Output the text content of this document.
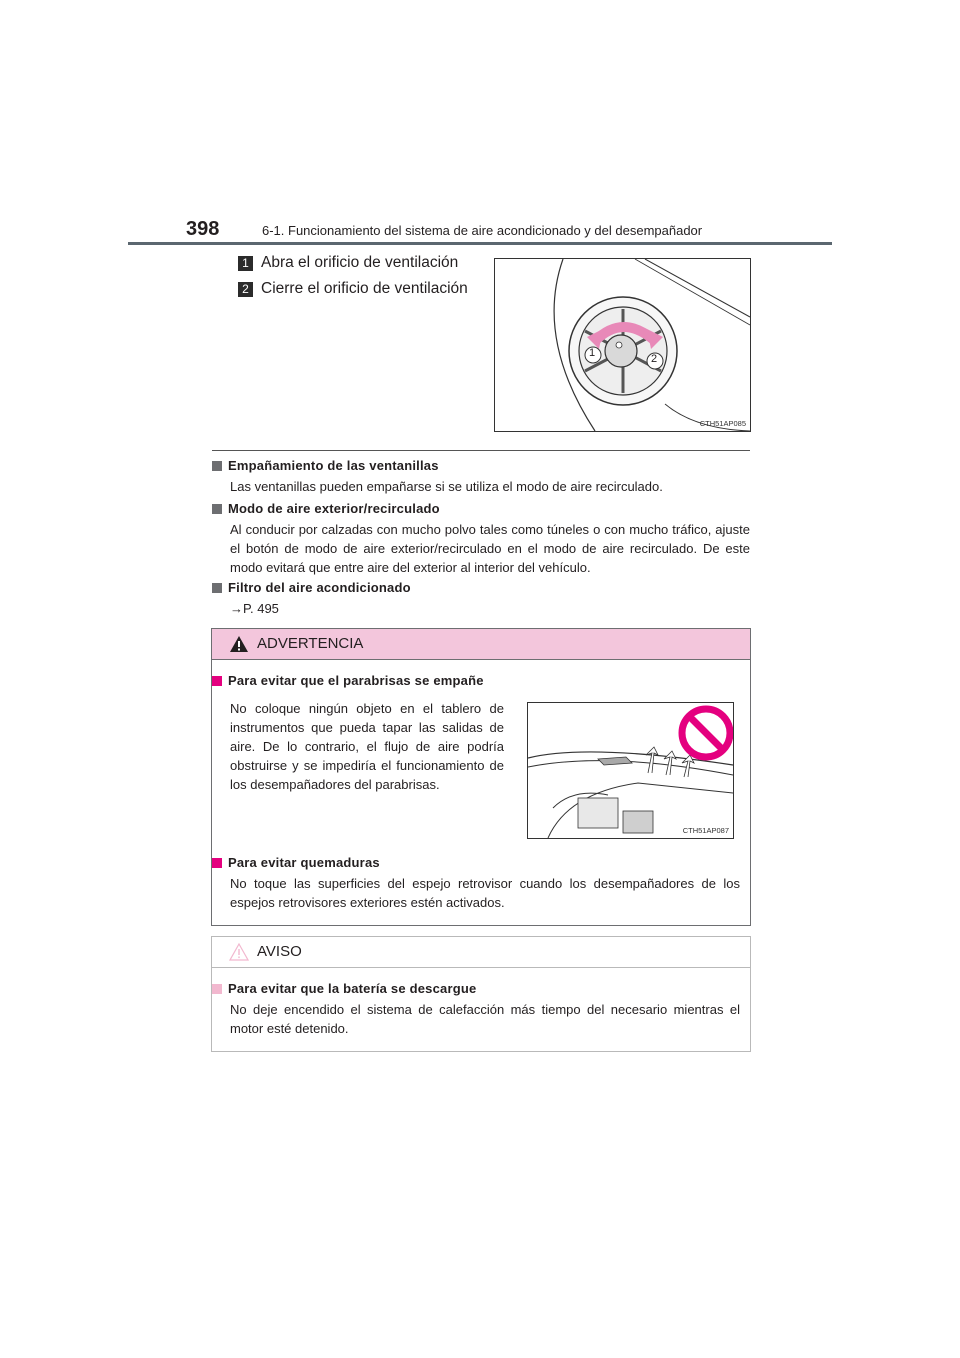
398	6-1. Funcionamiento del sistema de aire acondicionado y del desempañador
1 Abra el orificio de ventilación
2 Cierre el orificio de ventilación
1	2
CTH51AP085
Empañamiento de las ventanillas
Las ventanillas pueden empañarse si se utiliza el modo de aire recirculado.
Modo de aire exterior/recirculado
Al conducir por calzadas con mucho polvo tales como túneles o con mucho tráfico, ajuste el botón de modo de aire exterior/recirculado en el modo de aire recirculado. De este modo evitará que entre aire del exterior al interior del vehículo.
Filtro del aire acondicionado
→P. 495
ADVERTENCIA
Para evitar que el parabrisas se empañe
No coloque ningún objeto en el tablero de instrumentos que pueda tapar las salidas de aire. De lo contrario, el flujo de aire podría obstruirse y se impediría el funcionamiento de los desempañadores del parabrisas.
CTH51AP087
Para evitar quemaduras
No toque las superficies del espejo retrovisor cuando los desempañadores de los espejos retrovisores exteriores estén activados.
AVISO
Para evitar que la batería se descargue
No deje encendido el sistema de calefacción más tiempo del necesario mientras el motor esté detenido.
